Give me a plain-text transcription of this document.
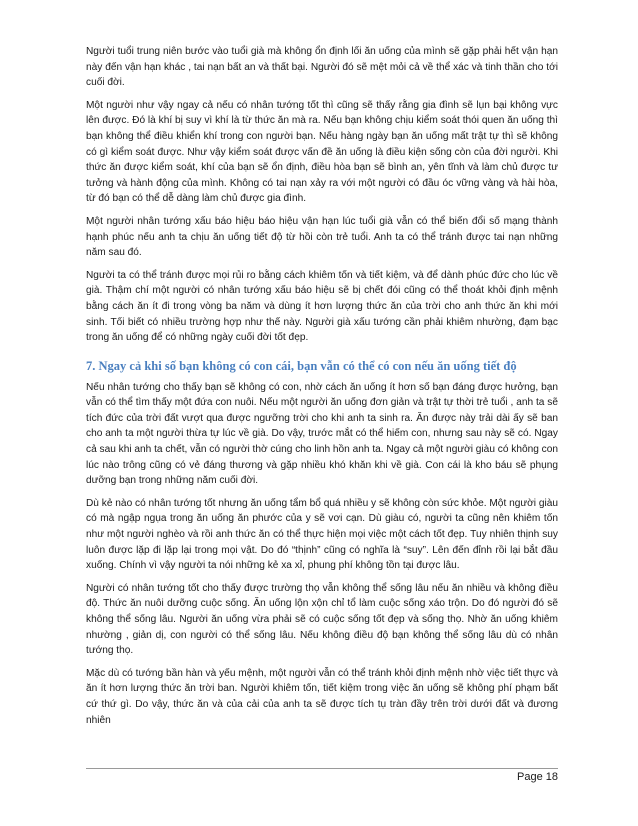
Người tuổi trung niên bước vào tuổi già mà không ổn định lối ăn uống của mình sẽ gặp phải hết vận hạn này đến vận hạn khác , tai nạn bất an và thất bại. Người đó sẽ mệt mỏi cả về thể xác và tinh thần cho tới cuối đời.

Một người như vậy ngay cả nếu có nhân tướng tốt thì cũng sẽ thấy rằng gia đình sẽ lụn bại không vực lên được. Đó là khí bị suy vì khí là từ thức ăn mà ra. Nếu bạn không chịu kiểm soát thói quen ăn uống thì bạn không thể điều khiển khí trong con người bạn. Nếu hàng ngày bạn ăn uống mất trật tự thì sẽ không có gì kiểm soát được. Như vậy kiểm soát được vấn đề ăn uống là điều kiện sống còn của đời người. Khi thức ăn được kiểm soát, khí của bạn sẽ ổn định, điều hòa bạn sẽ bình an, yên tĩnh và làm chủ được tư tưởng và hành động của mình. Không có tai nạn xảy ra với một người có đầu óc vững vàng và hài hòa, từ đó bạn có thể dễ dàng làm chủ được gia đình.

Một người nhân tướng xấu báo hiệu báo hiệu vận hạn lúc tuổi già vẫn có thể biến đổi số mạng thành hạnh phúc nếu anh ta chịu ăn uống tiết độ từ hồi còn trẻ tuổi. Anh ta có thể tránh được tai nạn những năm sau đó.

Người ta có thể tránh được mọi rủi ro bằng cách khiêm tốn và tiết kiệm, và để dành phúc đức cho lúc về già. Thậm chí một người có nhân tướng xấu báo hiệu sẽ bị chết đói cũng có thể thoát khỏi định mệnh bằng cách ăn ít đi trong vòng ba năm và dùng ít hơn lượng thức ăn của trời cho anh thức ăn khi mới sinh. Tối biết có nhiều trường hợp như thế này. Người già xấu tướng cần phải khiêm nhường, đạm bạc trong ăn uống để có những ngày cuối đời tốt đẹp.

7. Ngay cả khi số bạn không có con cái, bạn vẫn có thể có con nếu ăn uống tiết độ

Nếu nhân tướng cho thấy bạn sẽ không có con, nhờ cách ăn uống ít hơn số bạn đáng được hưởng, bạn vẫn có thể tìm thấy một đứa con nuôi. Nếu một người ăn uống đơn giản và trật tự thời trẻ tuổi , anh ta sẽ tích đức của trời đất vượt qua được ngưỡng trời cho khi anh ta sinh ra. Ăn được này trải dài ấy sẽ ban cho anh ta một người thừa tự lúc về già. Do vậy, trước mắt có thể hiếm con, nhưng sau này sẽ có. Ngay cả sau khi anh ta chết, vẫn có người thờ cúng cho linh hồn anh ta. Ngay cả một người giàu có không con lúc nào trông cũng có vẻ đáng thương và gặp nhiều khó khăn khi về già. Con cái là kho báu sẽ phụng dưỡng bạn trong những năm cuối đời.

Dù kẻ nào có nhân tướng tốt nhưng ăn uống tẩm bổ quá nhiều y sẽ không còn sức khỏe. Một người giàu có mà ngập ngụa trong ăn uống ăn phước của y sẽ vơi cạn. Dù giàu có, người ta cũng nên khiêm tốn như một người nghèo và rồi anh thức ăn có thể thực hiện mọi việc một cách tốt đẹp. Tuy nhiên thịnh suy luôn được lặp đi lặp lại trong mọi vật. Do đó “thịnh” cũng có nghĩa là “suy”. Lên đến đỉnh rồi lại bắt đầu xuống. Chính vì vậy người ta nói những kẻ xa xỉ, phung phí không tồn tại được lâu.

Người có nhân tướng tốt cho thấy được trường thọ vẫn không thể sống lâu nếu ăn nhiều và không điều độ. Thức ăn nuôi dưỡng cuộc sống. Ăn uống lộn xộn chỉ tổ làm cuộc sống xáo trộn. Do đó người đó sẽ không thể sống lâu. Người ăn uống vừa phải sẽ có cuộc sống tốt đẹp và sống thọ. Nhờ ăn uống khiêm nhường , giản dị, con người có thể sống lâu. Nếu không điều độ bạn không thể sống lâu dù có nhân tướng thọ.

Mặc dù có tướng bần hàn và yếu mệnh, một người vẫn có thể tránh khỏi định mệnh nhờ việc tiết thực và ăn ít hơn lượng thức ăn trời ban. Người khiêm tốn, tiết kiệm trong việc ăn uống sẽ không phí phạm bất cứ thứ gì. Do vậy, thức ăn và của cải của anh ta sẽ được tích tụ tràn đầy trên trời dưới đất và đương nhiên

Page 18
